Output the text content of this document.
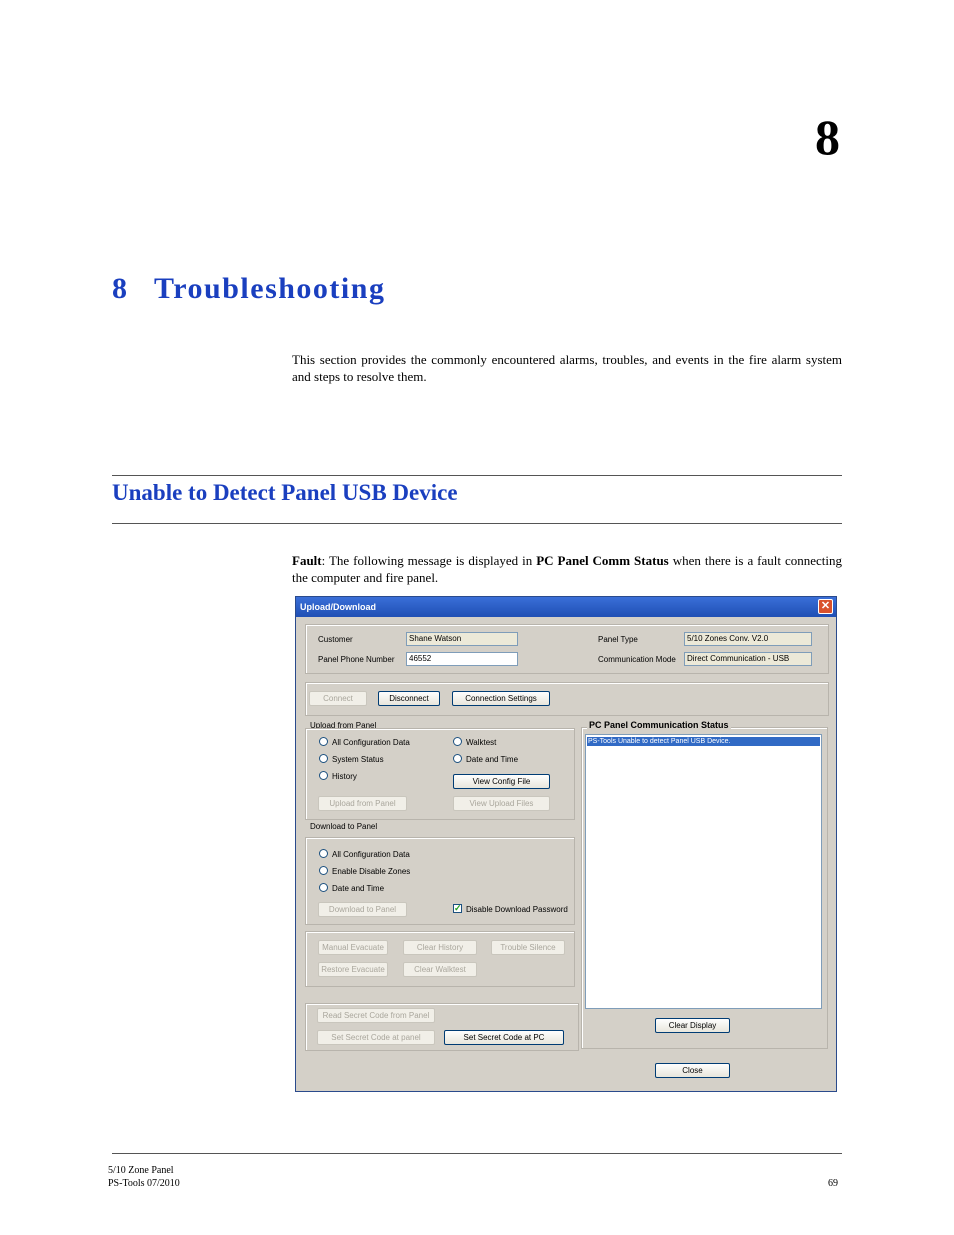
8
8 Troubleshooting

This section provides the commonly encountered alarms, troubles, and events in the fire alarm system and steps to resolve them.

Unable to Detect Panel USB Device

Fault: The following message is displayed in PC Panel Comm Status when there is a fault connecting the computer and fire panel.

Upload/Download	✕
Customer	Shane Watson
Panel Phone Number	46552
Panel Type	5/10 Zones Conv. V2.0
Communication Mode	Direct Communication - USB
Connect	Disconnect	Connection Settings
Upload from Panel
All Configuration Data
System Status
History
Walktest
Date and Time
View Config File
Upload from Panel	View Upload Files
Download to Panel
All Configuration Data
Enable Disable Zones
Date and Time
Download to Panel	✓ Disable Download Password
Manual Evacuate	Clear History	Trouble Silence
Restore Evacuate	Clear Walktest
Read Secret Code from Panel
Set Secret Code at panel	Set Secret Code at PC
PC Panel Communication Status
PS-Tools Unable to detect Panel USB Device.
Clear Display
Close
5/10 Zone Panel
PS-Tools 07/2010	69
